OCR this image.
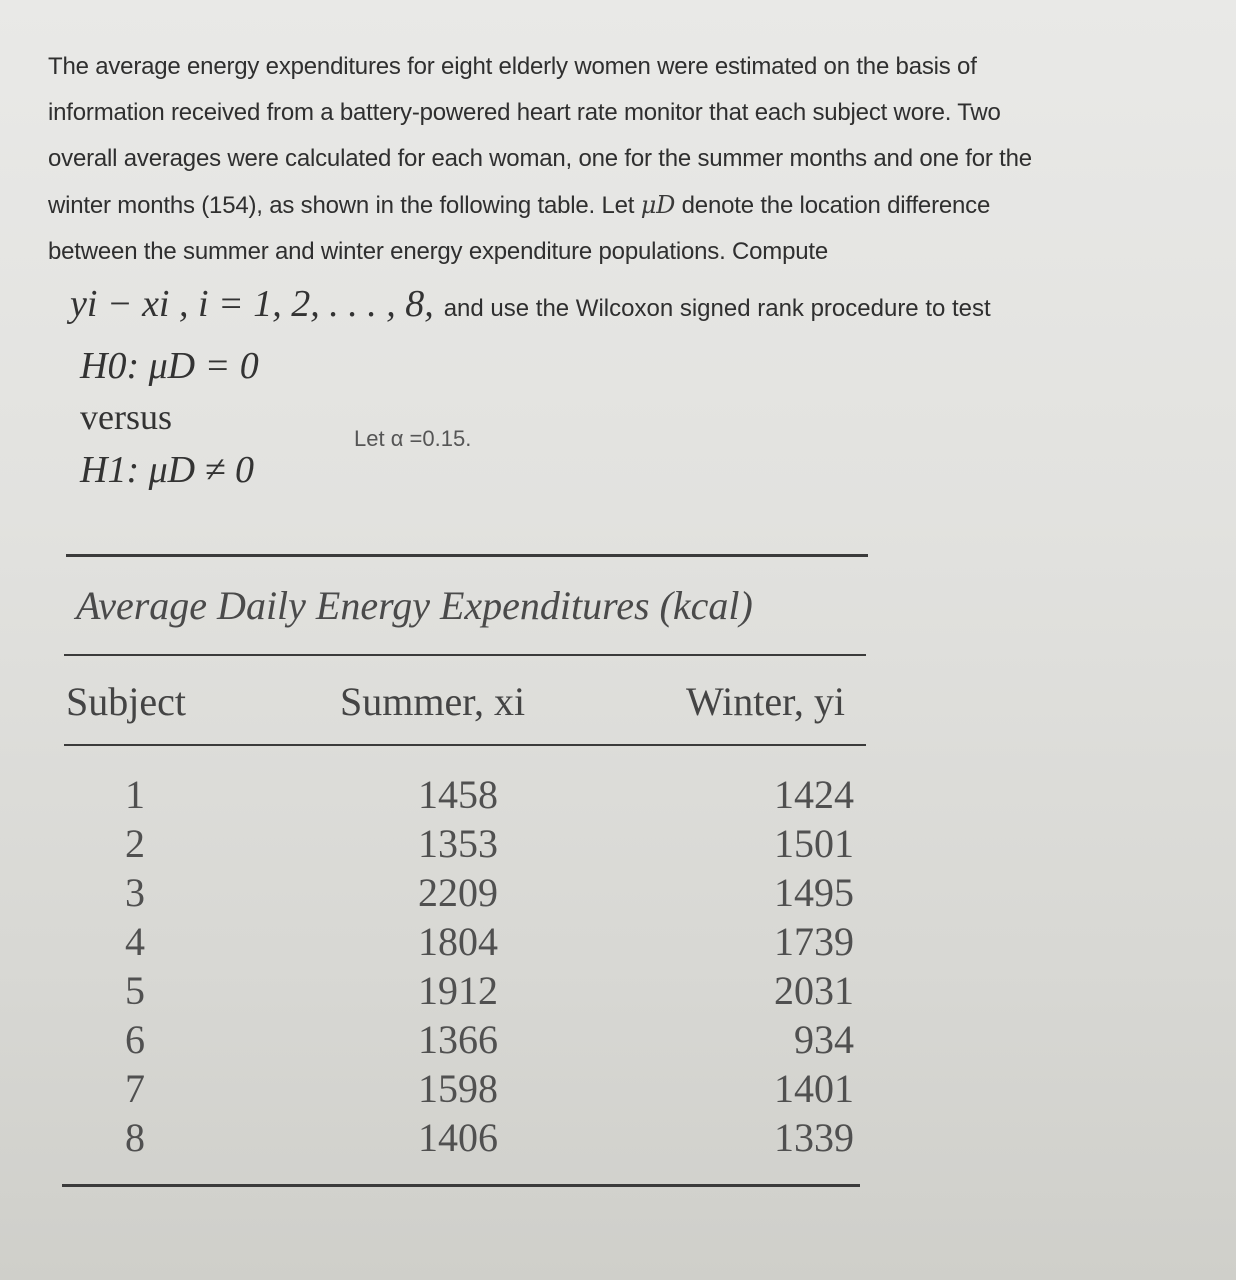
The average energy expenditures for eight elderly women were estimated on the basis of
information received from a battery-powered heart rate monitor that each subject wore. Two
overall averages were calculated for each woman, one for the summer months and one for the
winter months (154), as shown in the following table. Let μD denote the location difference
between the summer and winter energy expenditure populations. Compute
yi − xi , i = 1, 2, . . . , 8, and use the Wilcoxon signed rank procedure to test
H0: μD = 0
versus
H1: μD ≠ 0
Let α =0.15.
Average Daily Energy Expenditures (kcal)
Subject	Summer, xi	Winter, yi
1	1458	1424
2	1353	1501
3	2209	1495
4	1804	1739
5	1912	2031
6	1366	934
7	1598	1401
8	1406	1339
